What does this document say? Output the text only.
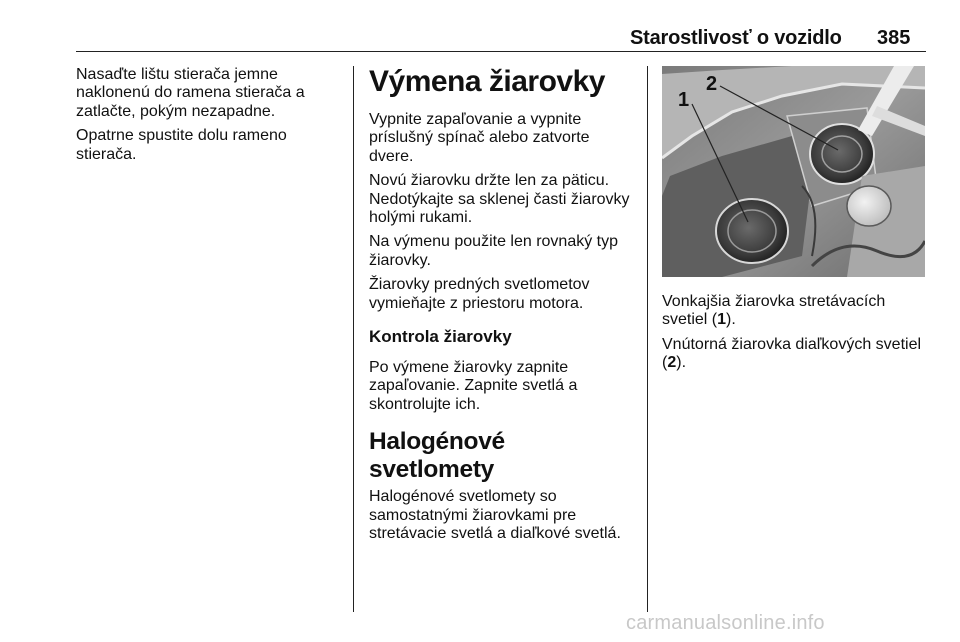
Starostlivosť o vozidlo 385

Nasaďte lištu stierača jemne naklonenú do ramena stierača a zatlačte, pokým nezapadne.

Opatrne spustite dolu rameno stierača.

Výmena žiarovky

Vypnite zapaľovanie a vypnite príslušný spínač alebo zatvorte dvere.

Novú žiarovku držte len za päticu. Nedotýkajte sa sklenej časti žiarovky holými rukami.

Na výmenu použite len rovnaký typ žiarovky.

Žiarovky predných svetlometov vymieňajte z priestoru motora.

Kontrola žiarovky

Po výmene žiarovky zapnite zapaľovanie. Zapnite svetlá a skontrolujte ich.

Halogénové svetlomety

Halogénové svetlomety so samostatnými žiarovkami pre stretávacie svetlá a diaľkové svetlá.

1
2

Vonkajšia žiarovka stretávacích svetiel (1).

Vnútorná žiarovka diaľkových svetiel (2).

carmanualsonline.info
